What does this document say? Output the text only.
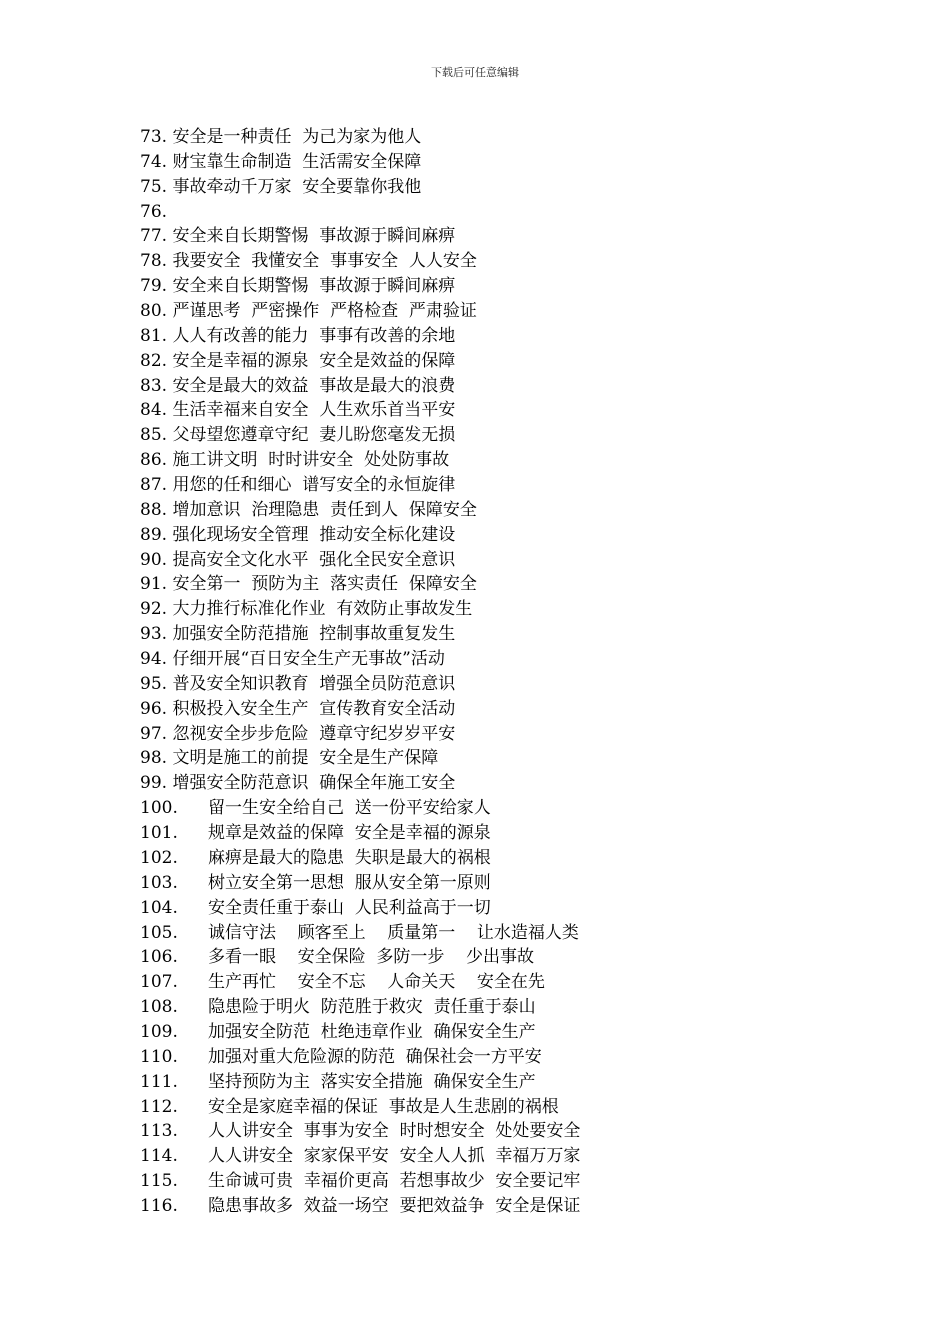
下载后可任意编辑
73. 安全是一种责任  为己为家为他人
74. 财宝靠生命制造  生活需安全保障
75. 事故牵动千万家  安全要靠你我他
76.
77. 安全来自长期警惕  事故源于瞬间麻痹
78. 我要安全  我懂安全  事事安全  人人安全
79. 安全来自长期警惕  事故源于瞬间麻痹
80. 严谨思考  严密操作  严格检查  严肃验证
81. 人人有改善的能力  事事有改善的余地
82. 安全是幸福的源泉  安全是效益的保障
83. 安全是最大的效益  事故是最大的浪费
84. 生活幸福来自安全  人生欢乐首当平安
85. 父母望您遵章守纪  妻儿盼您毫发无损
86. 施工讲文明  时时讲安全  处处防事故
87. 用您的任和细心  谱写安全的永恒旋律
88. 增加意识  治理隐患  责任到人  保障安全
89. 强化现场安全管理  推动安全标化建设
90. 提高安全文化水平  强化全民安全意识
91. 安全第一  预防为主  落实责任  保障安全
92. 大力推行标准化作业  有效防止事故发生
93. 加强安全防范措施  控制事故重复发生
94. 仔细开展“百日安全生产无事故”活动
95. 普及安全知识教育  增强全员防范意识
96. 积极投入安全生产  宣传教育安全活动
97. 忽视安全步步危险  遵章守纪岁岁平安
98. 文明是施工的前提  安全是生产保障
99. 增强安全防范意识  确保全年施工安全
100. 留一生安全给自己  送一份平安给家人
101. 规章是效益的保障  安全是幸福的源泉
102. 麻痹是最大的隐患  失职是最大的祸根
103. 树立安全第一思想  服从安全第一原则
104. 安全责任重于泰山  人民利益高于一切
105. 诚信守法    顾客至上    质量第一    让水造福人类
106. 多看一眼    安全保险  多防一步    少出事故
107. 生产再忙    安全不忘    人命关天    安全在先
108. 隐患险于明火  防范胜于救灾  责任重于泰山
109. 加强安全防范  杜绝违章作业  确保安全生产
110. 加强对重大危险源的防范  确保社会一方平安
111. 坚持预防为主  落实安全措施  确保安全生产
112. 安全是家庭幸福的保证  事故是人生悲剧的祸根
113. 人人讲安全  事事为安全  时时想安全  处处要安全
114. 人人讲安全  家家保平安  安全人人抓  幸福万万家
115. 生命诚可贵  幸福价更高  若想事故少  安全要记牢
116. 隐患事故多  效益一场空  要把效益争  安全是保证
